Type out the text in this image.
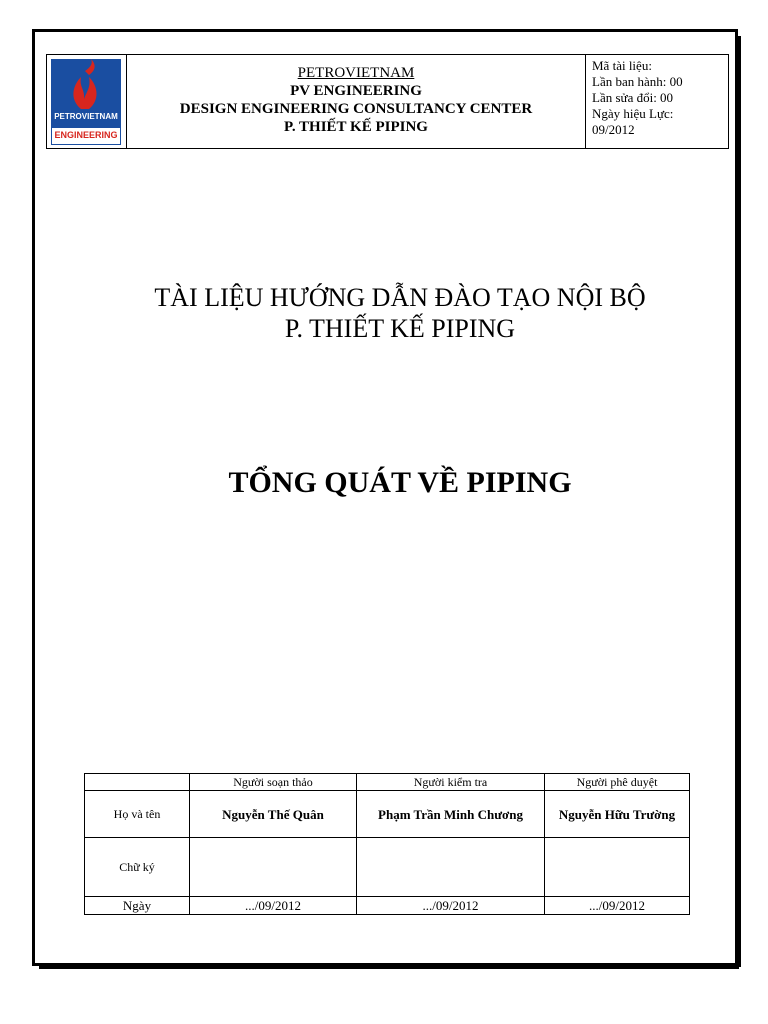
PETROVIETNAM
ENGINEERING
PETROVIETNAM
PV ENGINEERING
DESIGN ENGINEERING CONSULTANCY CENTER
P. THIẾT KẾ PIPING
Mã tài liệu:
Lần ban hành: 00
Lần sửa đổi: 00
Ngày hiệu Lực:
09/2012
TÀI LIỆU HƯỚNG DẪN ĐÀO TẠO NỘI BỘ
P. THIẾT KẾ PIPING
TỔNG QUÁT VỀ PIPING
	Người soạn thảo	Người kiểm tra	Người phê duyệt
Họ và tên	Nguyễn Thế Quân	Phạm Trần Minh Chương	Nguyễn Hữu Trường
Chữ ký			
Ngày	.../09/2012	.../09/2012	.../09/2012
